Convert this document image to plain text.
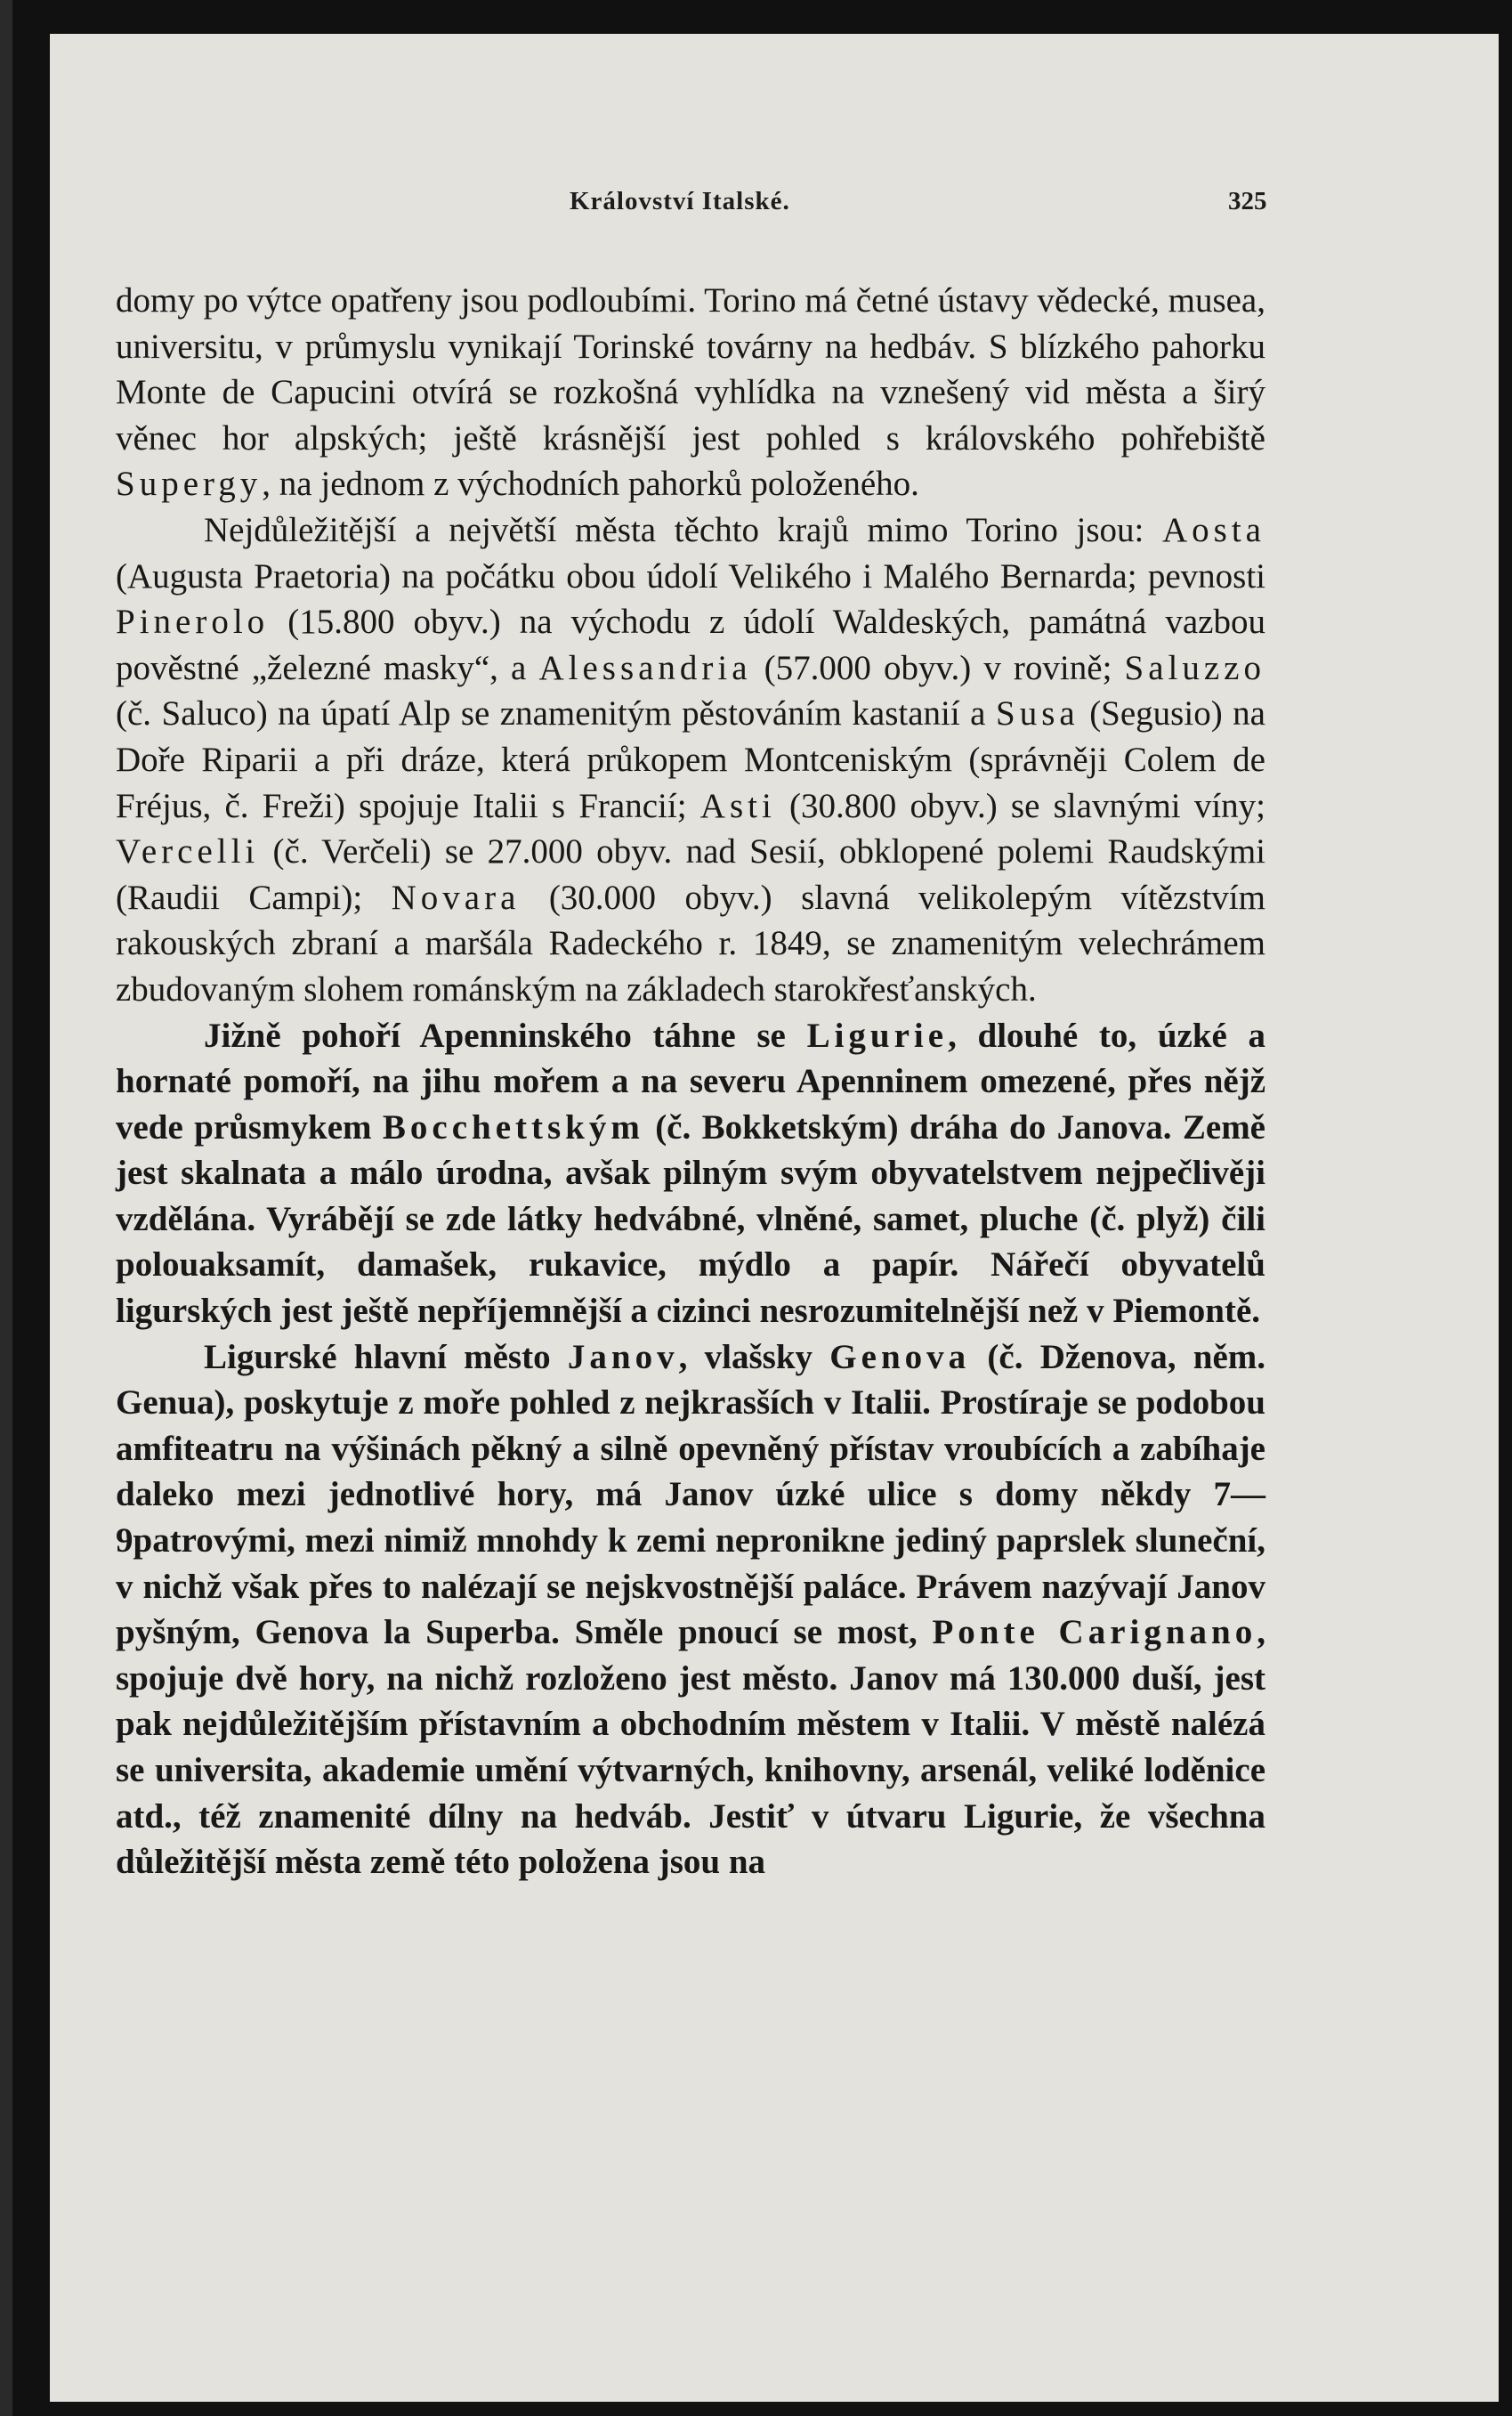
Království Italské.	325

domy po výtce opatřeny jsou podloubími. Torino má četné ústavy vědecké, musea, universitu, v průmyslu vynikají Torinské továrny na hedbáv. S blízkého pahorku Monte de Capucini otvírá se rozkošná vyhlídka na vznešený vid města a širý věnec hor alpských; ještě krásnější jest pohled s královského pohřebiště Supergy, na jednom z východních pahorků položeného.

Nejdůležitější a největší města těchto krajů mimo Torino jsou: Aosta (Augusta Praetoria) na počátku obou údolí Velikého i Malého Bernarda; pevnosti Pinerolo (15.800 obyv.) na východu z údolí Waldeských, památná vazbou pověstné „železné masky“, a Alessandria (57.000 obyv.) v rovině; Saluzzo (č. Saluco) na úpatí Alp se znamenitým pěstováním kastanií a Susa (Segusio) na Doře Riparii a při dráze, která průkopem Montceniským (správněji Colem de Fréjus, č. Freži) spojuje Italii s Francií; Asti (30.800 obyv.) se slavnými víny; Vercelli (č. Verčeli) se 27.000 obyv. nad Sesií, obklopené polemi Raudskými (Raudii Campi); Novara (30.000 obyv.) slavná velikolepým vítězstvím rakouských zbraní a maršála Radeckého r. 1849, se znamenitým velechrámem zbudovaným slohem románským na základech starokřesťanských.

Jižně pohoří Apenninského táhne se Ligurie, dlouhé to, úzké a hornaté pomoří, na jihu mořem a na severu Apenninem omezené, přes nějž vede průsmykem Bocchettským (č. Bokketským) dráha do Janova. Země jest skalnata a málo úrodna, avšak pilným svým obyvatelstvem nejpečlivěji vzdělána. Vyrábějí se zde látky hedvábné, vlněné, samet, pluche (č. plyž) čili polouaksamít, damašek, rukavice, mýdlo a papír. Nářečí obyvatelů ligurských jest ještě nepříjemnější a cizinci nesrozumitelnější než v Piemontě.

Ligurské hlavní město Janov, vlašsky Genova (č. Dženova, něm. Genua), poskytuje z moře pohled z nejkrasších v Italii. Prostíraje se podobou amfiteatru na výšinách pěkný a silně opevněný přístav vroubících a zabíhaje daleko mezi jednotlivé hory, má Janov úzké ulice s domy někdy 7—9patrovými, mezi nimiž mnohdy k zemi nepronikne jediný paprslek sluneční, v nichž však přes to nalézají se nejskvostnější paláce. Právem nazývají Janov pyšným, Genova la Superba. Směle pnoucí se most, Ponte Carignano, spojuje dvě hory, na nichž rozloženo jest město. Janov má 130.000 duší, jest pak nejdůležitějším přístavním a obchodním městem v Italii. V městě nalézá se universita, akademie umění výtvarných, knihovny, arsenál, veliké loděnice atd., též znamenité dílny na hedváb. Jestiť v útvaru Ligurie, že všechna důležitější města země této položena jsou na
